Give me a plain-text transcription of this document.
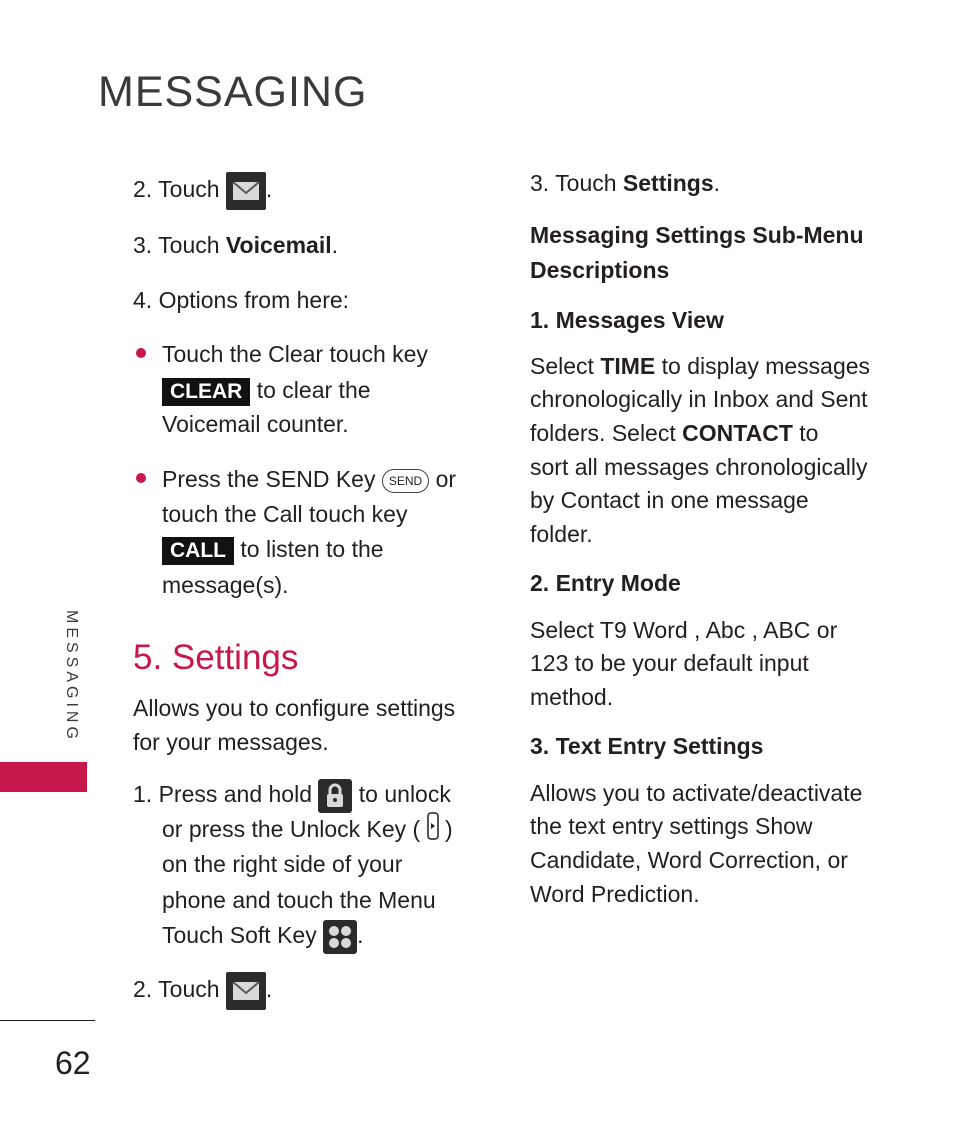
MESSAGING
MESSAGING
2. Touch .
3. Touch Voicemail.
4. Options from here:
Touch the Clear touch key
CLEAR to clear the
Voicemail counter.
Press the SEND Key SEND or
touch the Call touch key
CALL to listen to the
message(s).
5. Settings
Allows you to configure settings
for your messages.
1. Press and hold to unlock
or press the Unlock Key ( )
on the right side of your
phone and touch the Menu
Touch Soft Key .
2. Touch .
3. Touch Settings.
Messaging Settings Sub-Menu
Descriptions
1. Messages View
Select TIME to display messages
chronologically in Inbox and Sent
folders. Select CONTACT to
sort all messages chronologically
by Contact in one message
folder.
2. Entry Mode
Select T9 Word , Abc , ABC or
123 to be your default input
method.
3. Text Entry Settings
Allows you to activate/deactivate
the text entry settings Show
Candidate, Word Correction, or
Word Prediction.
62
